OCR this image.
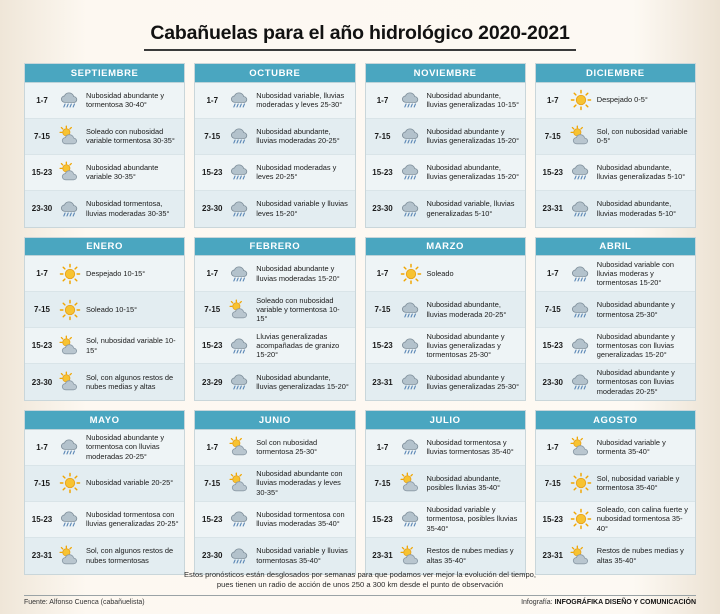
Cabañuelas para el año hidrológico 2020-2021
SEPTIEMBRE
1-7
Nubosidad abundante y tormentosa 30-40°
7-15
Soleado con nubosidad variable tormentosa 30-35°
15-23
Nubosidad abundante variable 30-35°
23-30
Nubosidad tormentosa, lluvias moderadas 30-35°
OCTUBRE
1-7
Nubosidad variable, lluvias moderadas y leves 25-30°
7-15
Nubosidad abundante, lluvias moderadas 20-25°
15-23
Nubosidad moderadas y leves 20-25°
23-30
Nubosidad variable y lluvias leves 15-20°
NOVIEMBRE
1-7
Nubosidad abundante, lluvias generalizadas 10-15°
7-15
Nubosidad abundante y lluvias generalizadas 15-20°
15-23
Nubosidad abundante, lluvias generalizadas 15-20°
23-30
Nubosidad variable, lluvias generalizadas 5-10°
DICIEMBRE
1-7	Despejado 0-5°
7-15
Sol, con nubosidad variable 0-5°
15-23
Nubosidad abundante, lluvias generalizadas 5-10°
23-31
Nubosidad abundante, lluvias moderadas 5-10°
ENERO
1-7	Despejado 10-15°
7-15	Soleado 10-15°
15-23
Sol, nubosidad variable 10-15°
23-30
Sol, con algunos restos de nubes medias y altas
FEBRERO
1-7
Nubosidad abundante y lluvias moderadas 15-20°
7-15
Soleado con nubosidad variable y tormentosa 10-15°
15-23
Lluvias generalizadas acompañadas de granizo 15-20°
23-29
Nubosidad abundante, lluvias generalizadas 15-20°
MARZO
1-7	Soleado
7-15
Nubosidad abundante, lluvias moderada 20-25°
15-23
Nubosidad abundante y lluvias generalizadas y tormentosas 25-30°
23-31
Nubosidad abundante y lluvias generalizadas 25-30°
ABRIL
1-7
Nubosidad variable con lluvias moderas y tormentosas 15-20°
7-15
Nubosidad abundante y tormentosa 25-30°
15-23
Nubosidad abundante y tormentosas con lluvias generalizadas 15-20°
23-30
Nubosidad abundante y tormentosas con lluvias moderadas 20-25°
MAYO
1-7
Nubosidad abundante y tormentosa con lluvias moderadas 20-25°
7-15	Nubosidad variable 20-25°
15-23
Nubosidad tormentosa con lluvias generalizadas 20-25°
23-31
Sol, con algunos restos de nubes tormentosas
JUNIO
1-7
Sol con nubosidad tormentosa 25-30°
7-15
Nubosidad abundante con lluvias moderadas y leves 30-35°
15-23
Nubosidad tormentosa con lluvias moderadas 35-40°
23-30
Nubosidad variable y lluvias tormentosas 35-40°
JULIO
1-7
Nubosidad tormentosa y lluvias tormentosas 35-40°
7-15
Nubosidad abundante, posibles lluvias 35-40°
15-23
Nubosidad variable y tormentosa, posibles lluvias 35-40°
23-31
Restos de nubes medias y altas 35-40°
AGOSTO
1-7
Nubosidad variable y tormenta 35-40°
7-15
Sol, nubosidad variable y tormentosa 35-40°
15-23
Soleado, con calina fuerte y nubosidad tormentosa 35-40°
23-31
Restos de nubes medias y altas 35-40°
Estos pronósticos están desglosados por semanas para que podamos ver mejor la evolución del tiempo,
pues tienen un radio de acción de unos 250 a 300 km desde el punto de observación
Fuente: Alfonso Cuenca (cabañuelista)	Infografía: INFOGRÁFIKA DISEÑO Y COMUNICACIÓN
